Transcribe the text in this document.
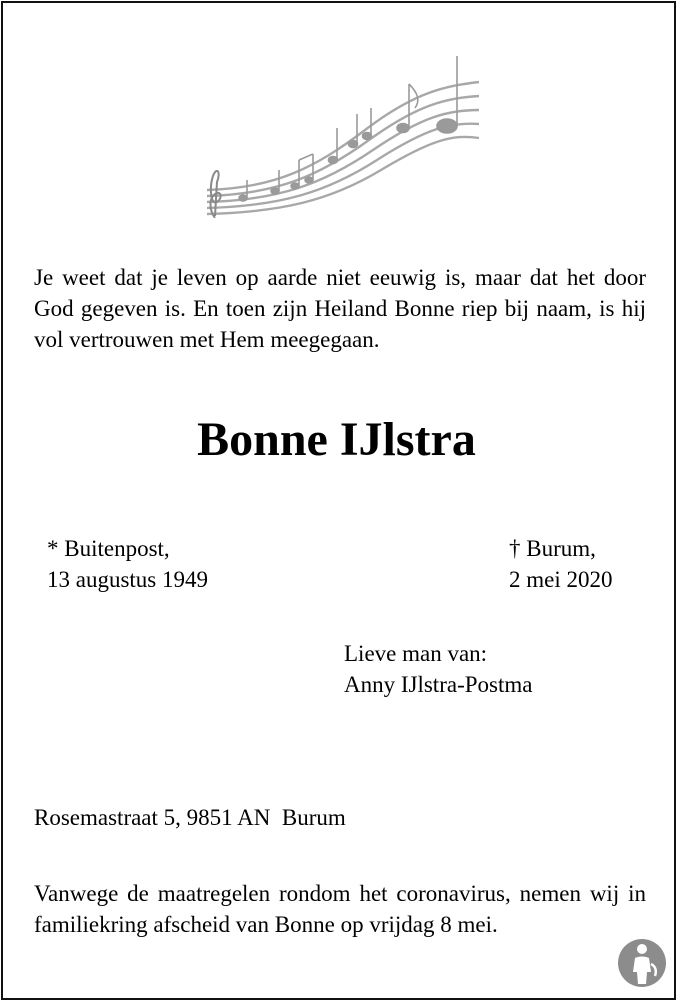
Je weet dat je leven op aarde niet eeuwig is, maar dat het door God gegeven is. En toen zijn Heiland Bonne riep bij naam, is hij vol vertrouwen met Hem meegegaan.
Bonne IJlstra
* Buitenpost,
13 augustus 1949
† Burum,
2 mei 2020
Lieve man van:
Anny IJlstra-Postma
Rosemastraat 5, 9851 AN  Burum
Vanwege de maatregelen rondom het coronavirus, nemen wij in familiekring afscheid van Bonne op vrijdag 8 mei.
